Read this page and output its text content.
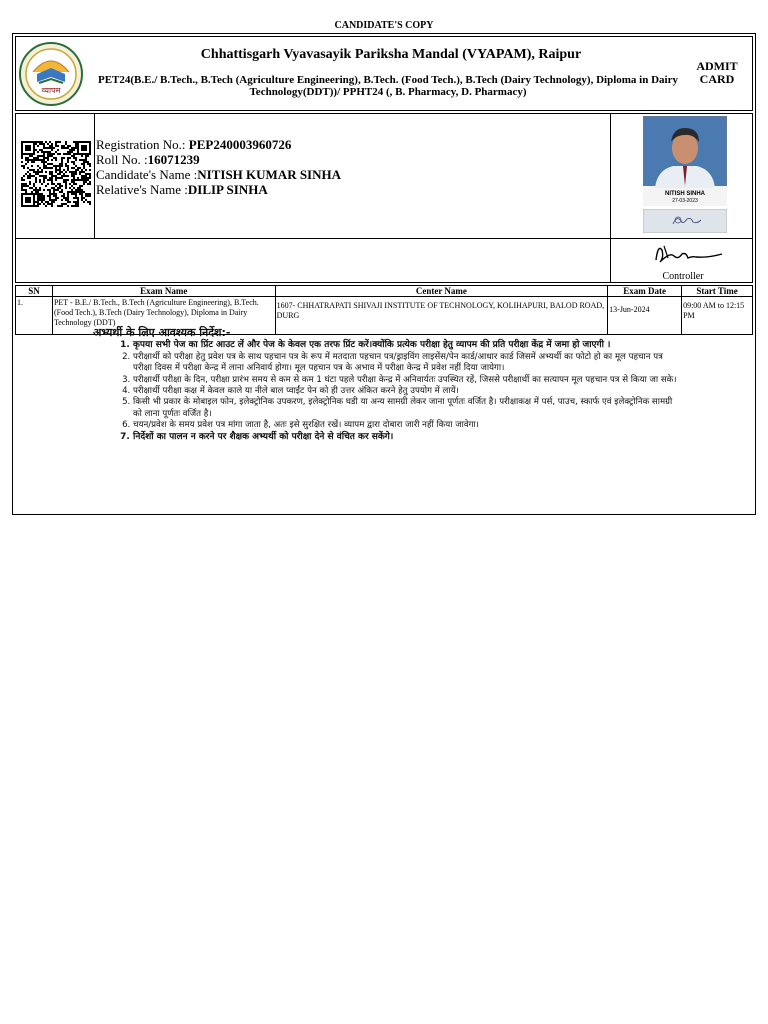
CANDIDATE'S COPY
व्यापम
Chhattisgarh Vyavasayik Pariksha Mandal (VYAPAM), Raipur
PET24(B.E./ B.Tech., B.Tech (Agriculture Engineering), B.Tech. (Food Tech.), B.Tech (Dairy Technology), Diploma in Dairy Technology(DDT))/ PPHT24 (, B. Pharmacy, D. Pharmacy)
ADMIT
CARD
Registration No.: PEP240003960726
Roll No. :16071239
Candidate's Name :NITISH KUMAR SINHA
Relative's Name :DILIP SINHA	NITISH SINHA
27-03-2023
Controller
SN	Exam Name	Center Name	Exam Date	Start Time
1.	PET - B.E./ B.Tech., B.Tech (Agriculture Engineering), B.Tech. (Food Tech.), B.Tech (Dairy Technology), Diploma in Dairy Technology (DDT)	1607- CHHATRAPATI SHIVAJI INSTITUTE OF TECHNOLOGY, KOLIHAPURI, BALOD ROAD, DURG	13-Jun-2024	09:00 AM to 12:15 PM
अभ्यर्थी के लिए आवश्यक निर्देश:-
1. कृपया सभी पेज का प्रिंट आउट लें और पेज के केवल एक तरफ प्रिंट करें।क्योंकि प्रत्येक परीक्षा हेतु व्यापम की प्रति परीक्षा केंद्र में जमा हो जाएगी ।
2. परीक्षार्थी को परीक्षा हेतु प्रवेश पत्र के साथ पहचान पत्र के रूप में मतदाता पहचान पत्र/ड्राइविंग लाइसेंस/पेन कार्ड/आधार कार्ड जिसमें अभ्यर्थी का फोटो हो का मूल पहचान पत्र परीक्षा दिवस में परीक्षा केन्द्र में लाना अनिवार्य होगा। मूल पहचान पत्र के अभाव में परीक्षा केन्द्र में प्रवेश नहीं दिया जायेगा।
3. परीक्षार्थी परीक्षा के दिन, परीक्षा प्रारंभ समय से कम से कम 1 घंटा पहले परीक्षा केन्द्र में अनिवार्यतः उपस्थित रहें, जिससे परीक्षार्थी का सत्यापन मूल पहचान पत्र से किया जा सके।
4. परीक्षार्थी परीक्षा कक्ष में केवल काले या नीले बाल प्वाईंट पेन को ही उत्तर अंकित करने हेतु उपयोग में लायें।
5. किसी भी प्रकार के मोबाइल फोन, इलेक्ट्रोनिक उपकरण, इलेक्ट्रोनिक घडी या अन्य सामग्री लेकर जाना पूर्णतः वर्जित है। परीक्षाकक्ष में पर्स, पाउच, स्कार्फ एवं इलेक्ट्रोनिक सामग्री को लाना पूर्णतः वर्जित है।
6. चयन/प्रवेश के समय प्रवेश पत्र मांगा जाता है, अतः इसे सुरक्षित रखें। व्यापम द्वारा दोबारा जारी नहीं किया जावेगा।
7. निर्देशों का पालन न करने पर शैक्षक अभ्यर्थी को परीक्षा देने से वंचित कर सकेंगे।
